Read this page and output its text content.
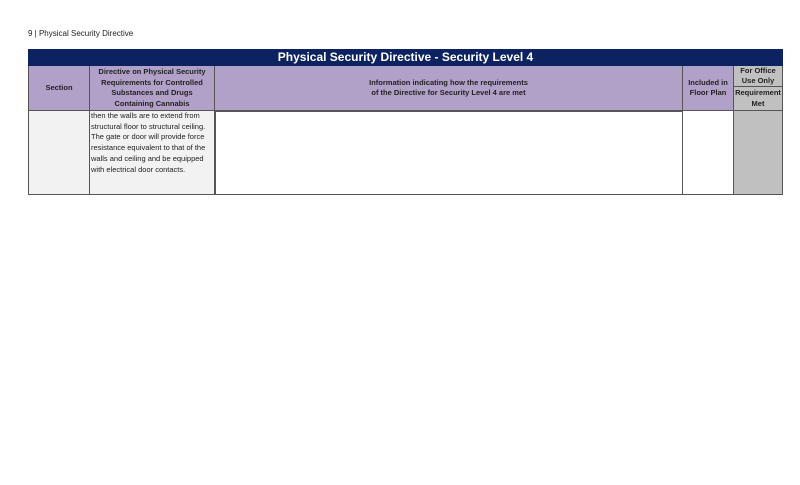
9 | Physical Security Directive
Physical Security Directive - Security Level 4
Section
Directive on Physical Security Requirements for Controlled Substances and Drugs Containing Cannabis
Information indicating how the requirements of the Directive for Security Level 4 are met
Included in Floor Plan
For Office Use Only
Requirement Met
then the walls are to extend from structural floor to structural ceiling. The gate or door will provide force resistance equivalent to that of the walls and ceiling and be equipped with electrical door contacts.
